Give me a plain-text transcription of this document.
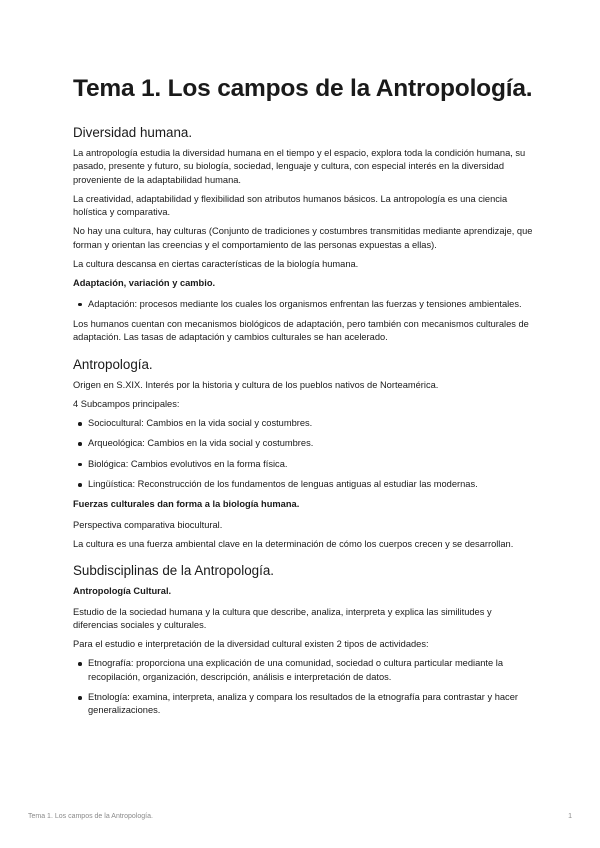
Tema 1. Los campos de la Antropología.
Diversidad humana.

La antropología estudia la diversidad humana en el tiempo y el espacio, explora toda la condición humana, su pasado, presente y futuro, su biología, sociedad, lenguaje y cultura, con especial interés en la diversidad proveniente de la adaptabilidad humana.

La creatividad, adaptabilidad y flexibilidad son atributos humanos básicos. La antropología es una ciencia holística y comparativa.

No hay una cultura, hay culturas (Conjunto de tradiciones y costumbres transmitidas mediante aprendizaje, que forman y orientan las creencias y el comportamiento de las personas expuestas a ellas).

La cultura descansa en ciertas características de la biología humana.

Adaptación, variación y cambio.
Adaptación: procesos mediante los cuales los organismos enfrentan las fuerzas y tensiones ambientales.

Los humanos cuentan con mecanismos biológicos de adaptación, pero también con mecanismos culturales de adaptación. Las tasas de adaptación y cambios culturales se han acelerado.

Antropología.

Origen en S.XIX. Interés por la historia y cultura de los pueblos nativos de Norteamérica.

4 Subcampos principales:

Sociocultural: Cambios en la vida social y costumbres.
Arqueológica: Cambios en la vida social y costumbres.
Biológica: Cambios evolutivos en la forma física.
Lingüística: Reconstrucción de los fundamentos de lenguas antiguas al estudiar las modernas.
Fuerzas culturales dan forma a la biología humana.

Perspectiva comparativa biocultural.

La cultura es una fuerza ambiental clave en la determinación de cómo los cuerpos crecen y se desarrollan.

Subdisciplinas de la Antropología.
Antropología Cultural.

Estudio de la sociedad humana y la cultura que describe, analiza, interpreta y explica las similitudes y diferencias sociales y culturales.

Para el estudio e interpretación de la diversidad cultural existen 2 tipos de actividades:

Etnografía: proporciona una explicación de una comunidad, sociedad o cultura particular mediante la recopilación, organización, descripción, análisis e interpretación de datos.
Etnología: examina, interpreta, analiza y compara los resultados de la etnografía para contrastar y hacer generalizaciones.
Tema 1. Los campos de la Antropología.	1
